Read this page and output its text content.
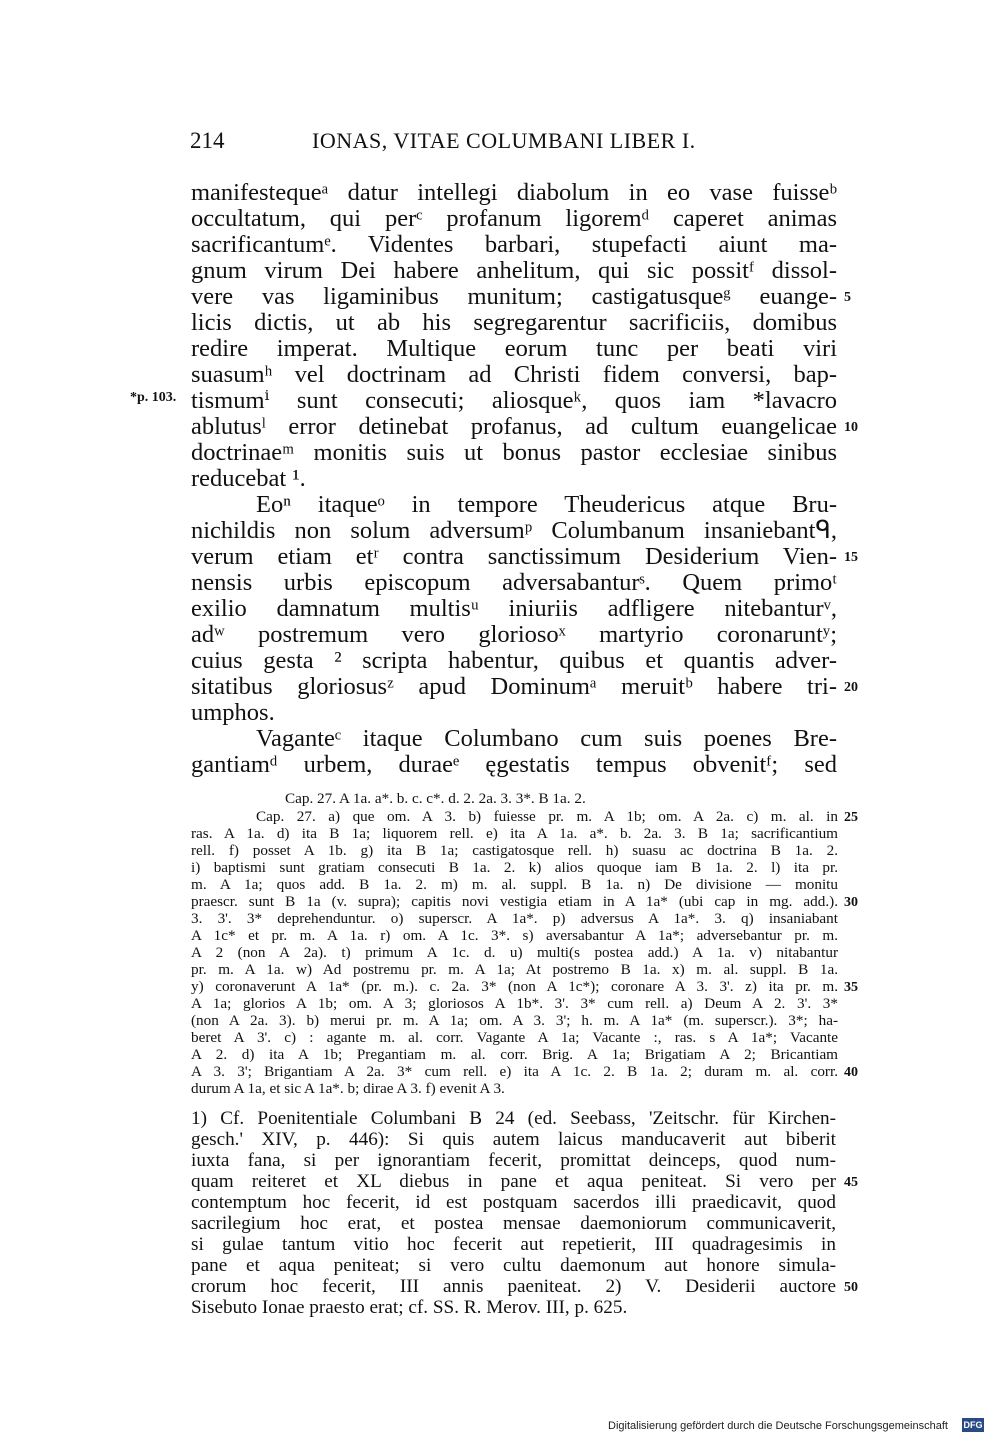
214	IONAS, VITAE COLUMBANI LIBER I.
*p. 103.
manifestequeᵃ datur intellegi diabolum in eo vase fuisseᵇ
occultatum, qui perᶜ profanum ligoremᵈ caperet animas
sacrificantumᵉ. Videntes barbari, stupefacti aiunt ma-
gnum virum Dei habere anhelitum, qui sic possitᶠ dissol-
vere vas ligaminibus munitum; castigatusqueᵍ euange-
licis dictis, ut ab his segregarentur sacrificiis, domibus
redire imperat. Multique eorum tunc per beati viri
suasumʰ vel doctrinam ad Christi fidem conversi, bap-
tismumⁱ sunt consecuti; aliosqueᵏ, quos iam *lavacro
ablutusˡ error detinebat profanus, ad cultum euangelicae
doctrinaeᵐ monitis suis ut bonus pastor ecclesiae sinibus
reducebat ¹.
Eoⁿ itaqueᵒ in tempore Theudericus atque Bru-
nichildis non solum adversumᵖ Columbanum insaniebantᑫ,
verum etiam etʳ contra sanctissimum Desiderium Vien-
nensis urbis episcopum adversabanturˢ. Quem primoᵗ
exilio damnatum multisᵘ iniuriis adfligere nitebanturᵛ,
adʷ postremum vero gloriosoˣ martyrio coronaruntʸ;
cuius gesta ² scripta habentur, quibus et quantis adver-
sitatibus gloriosusᶻ apud Dominumᵃ meruitᵇ habere tri-
umphos.
Vaganteᶜ itaque Columbano cum suis poenes Bre-
gantiamᵈ urbem, duraeᵉ ęgestatis tempus obvenitᶠ; sed
Cap. 27. A 1a. a*. b. c. c*. d. 2. 2a. 3. 3*. B 1a. 2.
Cap. 27. a) que om. A 3. b) fuiesse pr. m. A 1b; om. A 2a. c) m. al. in
ras. A 1a. d) ita B 1a; liquorem rell. e) ita A 1a. a*. b. 2a. 3. B 1a; sacrificantium
rell. f) posset A 1b. g) ita B 1a; castigatosque rell. h) suasu ac doctrina B 1a. 2.
i) baptismi sunt gratiam consecuti B 1a. 2. k) alios quoque iam B 1a. 2. l) ita pr.
m. A 1a; quos add. B 1a. 2. m) m. al. suppl. B 1a. n) De divisione — monitu
praescr. sunt B 1a (v. supra); capitis novi vestigia etiam in A 1a* (ubi cap in mg. add.).
3. 3'. 3* deprehenduntur. o) superscr. A 1a*. p) adversus A 1a*. 3. q) insaniabant
A 1c* et pr. m. A 1a. r) om. A 1c. 3*. s) aversabantur A 1a*; adversebantur pr. m.
A 2 (non A 2a). t) primum A 1c. d. u) multi(s postea add.) A 1a. v) nitabantur
pr. m. A 1a. w) Ad postremu pr. m. A 1a; At postremo B 1a. x) m. al. suppl. B 1a.
y) coronaverunt A 1a* (pr. m.). c. 2a. 3* (non A 1c*); coronare A 3. 3'. z) ita pr. m.
A 1a; glorios A 1b; om. A 3; gloriosos A 1b*. 3'. 3* cum rell. a) Deum A 2. 3'. 3*
(non A 2a. 3). b) merui pr. m. A 1a; om. A 3. 3'; h. m. A 1a* (m. superscr.). 3*; ha-
beret A 3'. c) : agante m. al. corr. Vagante A 1a; Vacante :, ras. s A 1a*; Vacante
A 2. d) ita A 1b; Pregantiam m. al. corr. Brig. A 1a; Brigatiam A 2; Bricantiam
A 3. 3'; Brigantiam A 2a. 3* cum rell. e) ita A 1c. 2. B 1a. 2; duram m. al. corr.
durum A 1a, et sic A 1a*. b; dirae A 3. f) evenit A 3.
1) Cf. Poenitentiale Columbani B 24 (ed. Seebass, 'Zeitschr. für Kirchen-
gesch.' XIV, p. 446): Si quis autem laicus manducaverit aut biberit
iuxta fana, si per ignorantiam fecerit, promittat deinceps, quod num-
quam reiteret et XL diebus in pane et aqua peniteat. Si vero per
contemptum hoc fecerit, id est postquam sacerdos illi praedicavit, quod
sacrilegium hoc erat, et postea mensae daemoniorum communicaverit,
si gulae tantum vitio hoc fecerit aut repetierit, III quadragesimis in
pane et aqua peniteat; si vero cultu daemonum aut honore simula-
crorum hoc fecerit, III annis paeniteat. 2) V. Desiderii auctore
Sisebuto Ionae praesto erat; cf. SS. R. Merov. III, p. 625.
5
10
15
20
25
30
35
40
45
50
Digitalisierung gefördert durch die Deutsche Forschungsgemeinschaft DFG
